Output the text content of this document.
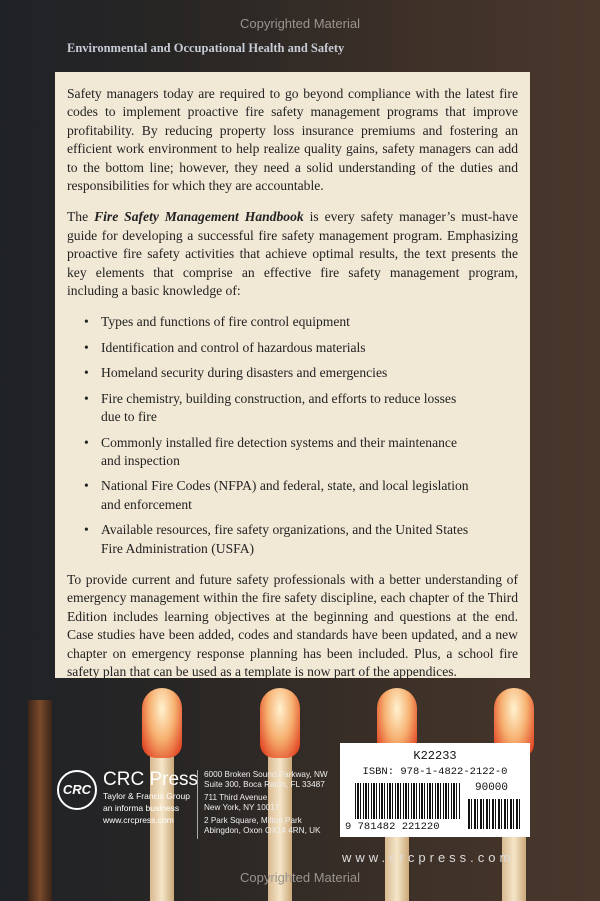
Copyrighted Material
Environmental and Occupational Health and Safety

Safety managers today are required to go beyond compliance with the latest fire codes to implement proactive fire safety management programs that improve profitability. By reducing property loss insurance premiums and fostering an efficient work environment to help realize quality gains, safety managers can add to the bottom line; however, they need a solid understanding of the duties and responsibilities for which they are accountable.

The Fire Safety Management Handbook is every safety manager’s must-have guide for developing a successful fire safety management program. Emphasizing proactive fire safety activities that achieve optimal results, the text presents the key elements that comprise an effective fire safety management program, including a basic knowledge of:

• Types and functions of fire control equipment
• Identification and control of hazardous materials
• Homeland security during disasters and emergencies
• Fire chemistry, building construction, and efforts to reduce losses due to fire
• Commonly installed fire detection systems and their maintenance and inspection
• National Fire Codes (NFPA) and federal, state, and local legislation and enforcement
• Available resources, fire safety organizations, and the United States Fire Administration (USFA)

To provide current and future safety professionals with a better understanding of emergency management within the fire safety discipline, each chapter of the Third Edition includes learning objectives at the beginning and questions at the end. Case studies have been added, codes and standards have been updated, and a new chapter on emergency response planning has been included. Plus, a school fire safety plan that can be used as a template is now part of the appendices.

CRC CRC Press
Taylor & Francis Group
an informa business
www.crcpress.com
6000 Broken Sound Parkway, NW
Suite 300, Boca Raton, FL 33487
711 Third Avenue
New York, NY 10017
2 Park Square, Milton Park
Abingdon, Oxon OX14 4RN, UK
K22233
ISBN: 978-1-4822-2122-0
90000
9 781482 221220
www.crcpress.com
Copyrighted Material
